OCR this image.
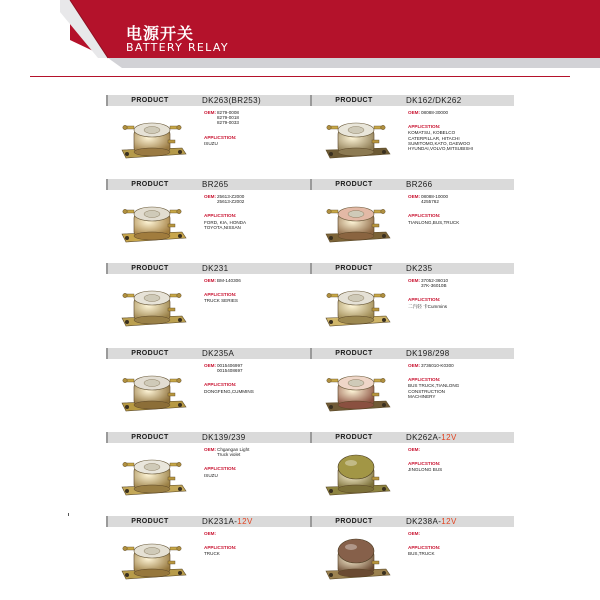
电源开关
BATTERY RELAY
PRODUCT	DK263(BR253)
OEM: 8279-0008
8279-0018
8279-0033
APPLICSTION:
ISUZU
PRODUCT	DK162/DK262
OEM: 08088-30000
APPLICSTION:
KOMATSU, KOBELCO
CATERPILLAR, HITACHI
SUMITOMO,KATO, DAEWOO
HYUNDAI,VOLVO,MITSUBISHI
PRODUCT	BR265
OEM: 25613-Z2000
25613-Z2002
APPLICSTION:
FORD, KIA, HONDA
TOYOTA,NISSAN
PRODUCT	BR266
OEM: 08088-10000
4255762
APPLICSTION:
TIANLONG,BUS,TRUCK
PRODUCT	DK231
OEM: BM-140306
APPLICSTION:
TRUCK SERIES
PRODUCT	DK235
OEM: 37052-36010
37K-36010B
APPLICSTION:
二汽轻 卡Cummins
PRODUCT	DK235A
OEM: 0015406997
0015408697
APPLICSTION:
DONGFENG,CUMMINS
PRODUCT	DK198/298
OEM: 3736010-K0300
APPLICSTION:
BUS TRUCK,TIANLONG
CONSTRUCTION
MACHINERY
PRODUCT	DK139/239
OEM: Chgangan Light
Truck violet
APPLICSTION:
ISUZU
PRODUCT	DK262A-12V
OEM:
APPLICSTION:
JINGLONG BUS
PRODUCT	DK231A-12V
OEM:
APPLICSTION:
TRUCK
PRODUCT	DK238A-12V
OEM:
APPLICSTION:
BUS,TRUCK
